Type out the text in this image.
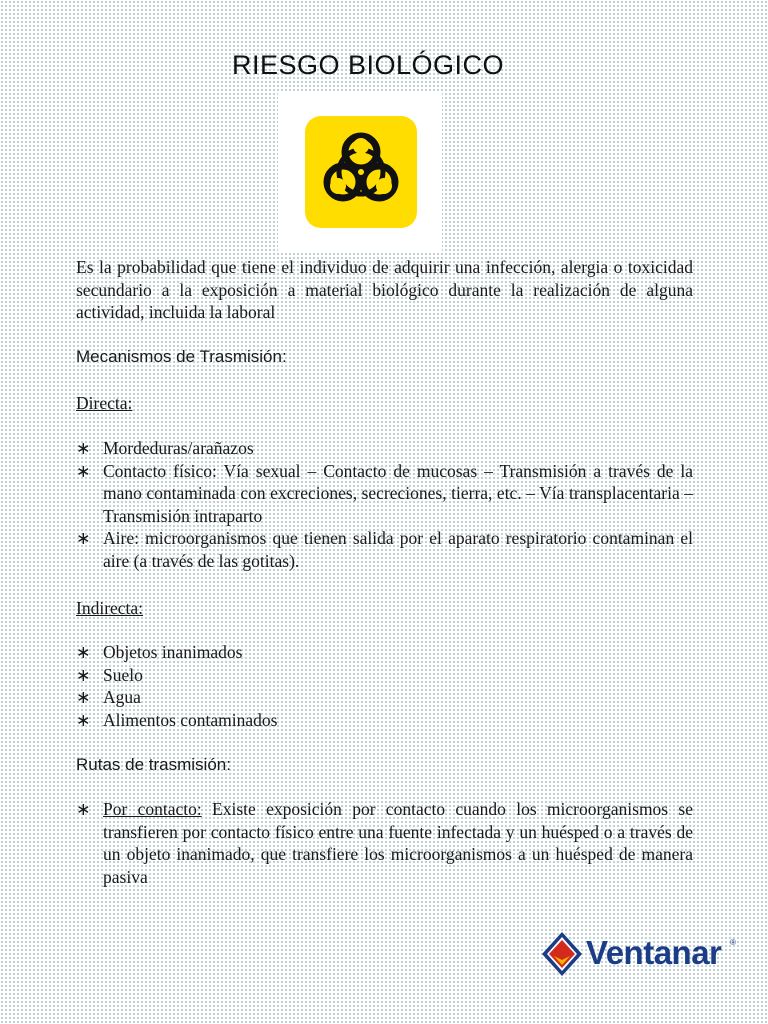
RIESGO BIOLÓGICO

Es la probabilidad que tiene el individuo de adquirir una infección, alergia o toxicidad secundario a la exposición a material biológico durante la realización de alguna actividad, incluida la laboral

Mecanismos de Trasmisión:

Directa:

∗ Mordeduras/arañazos
∗ Contacto físico: Vía sexual – Contacto de mucosas – Transmisión a través de la mano contaminada con excreciones, secreciones, tierra, etc. – Vía transplacentaria – Transmisión intraparto
∗ Aire: microorganismos que tienen salida por el aparato respiratorio contaminan el aire (a través de las gotitas).

Indirecta:

∗ Objetos inanimados
∗ Suelo
∗ Agua
∗ Alimentos contaminados

Rutas de trasmisión:

∗ Por contacto: Existe exposición por contacto cuando los microorganismos se transfieren por contacto físico entre una fuente infectada y un huésped o a través de un objeto inanimado, que transfiere los microorganismos a un huésped de manera pasiva
Ventanar ®
